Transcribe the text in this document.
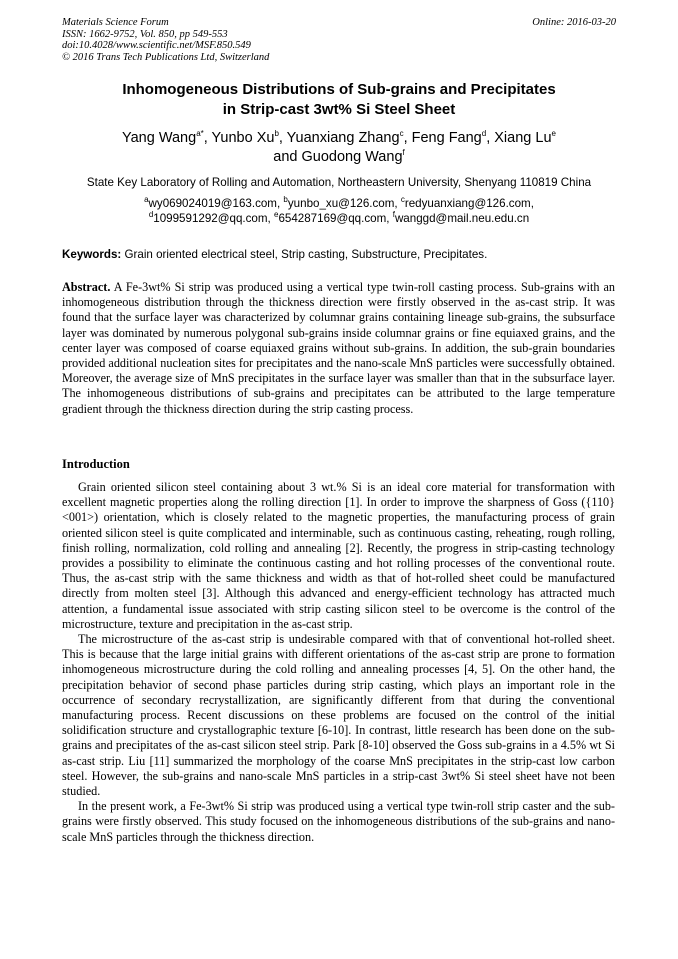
Materials Science Forum
ISSN: 1662-9752, Vol. 850, pp 549-553
doi:10.4028/www.scientific.net/MSF.850.549
© 2016 Trans Tech Publications Ltd, Switzerland
Online: 2016-03-20
Inhomogeneous Distributions of Sub-grains and Precipitates
in Strip-cast 3wt% Si Steel Sheet
Yang Wang$^{a*}$, Yunbo Xu$^b$, Yuanxiang Zhang$^c$, Feng Fang$^d$, Xiang Lu$^e$
and Guodong Wang$^f$
State Key Laboratory of Rolling and Automation, Northeastern University, Shenyang 110819 China
$^a$wy069024019@163.com, $^b$yunbo_xu@126.com, $^c$redyuanxiang@126.com,
$^d$1099591292@qq.com, $^e$654287169@qq.com, $^f$wanggd@mail.neu.edu.cn
Keywords: Grain oriented electrical steel, Strip casting, Substructure, Precipitates.
Abstract. A Fe-3wt% Si strip was produced using a vertical type twin-roll casting process. Sub-grains with an inhomogeneous distribution through the thickness direction were firstly observed in the as-cast strip. It was found that the surface layer was characterized by columnar grains containing lineage sub-grains, the subsurface layer was dominated by numerous polygonal sub-grains inside columnar grains or fine equiaxed grains, and the center layer was composed of coarse equiaxed grains without sub-grains. In addition, the sub-grain boundaries provided additional nucleation sites for precipitates and the nano-scale MnS particles were successfully obtained. Moreover, the average size of MnS precipitates in the surface layer was smaller than that in the subsurface layer. The inhomogeneous distributions of sub-grains and precipitates can be attributed to the large temperature gradient through the thickness direction during the strip casting process.
Introduction

Grain oriented silicon steel containing about 3 wt.% Si is an ideal core material for transformation with excellent magnetic properties along the rolling direction [1]. In order to improve the sharpness of Goss ({110}<001>) orientation, which is closely related to the magnetic properties, the manufacturing process of grain oriented silicon steel is quite complicated and interminable, such as continuous casting, reheating, rough rolling, finish rolling, normalization, cold rolling and annealing [2]. Recently, the progress in strip-casting technology provides a possibility to eliminate the continuous casting and hot rolling processes of the conventional route. Thus, the as-cast strip with the same thickness and width as that of hot-rolled sheet could be manufactured directly from molten steel [3]. Although this advanced and energy-efficient technology has attracted much attention, a fundamental issue associated with strip casting silicon steel to be overcome is the control of the microstructure, texture and precipitation in the as-cast strip.

The microstructure of the as-cast strip is undesirable compared with that of conventional hot-rolled sheet. This is because that the large initial grains with different orientations of the as-cast strip are prone to formation inhomogeneous microstructure during the cold rolling and annealing processes [4, 5]. On the other hand, the precipitation behavior of second phase particles during strip casting, which plays an important role in the occurrence of secondary recrystallization, are significantly different from that during the conventional manufacturing process. Recent discussions on these problems are focused on the control of the initial solidification structure and crystallographic texture [6-10]. In contrast, little research has been done on the sub-grains and precipitates of the as-cast silicon steel strip. Park [8-10] observed the Goss sub-grains in a 4.5% wt Si as-cast strip. Liu [11] summarized the morphology of the coarse MnS precipitates in the strip-cast low carbon steel. However, the sub-grains and nano-scale MnS particles in a strip-cast 3wt% Si steel sheet have not been studied.

In the present work, a Fe-3wt% Si strip was produced using a vertical type twin-roll strip caster and the sub-grains were firstly observed. This study focused on the inhomogeneous distributions of the sub-grains and nano-scale MnS particles through the thickness direction.
